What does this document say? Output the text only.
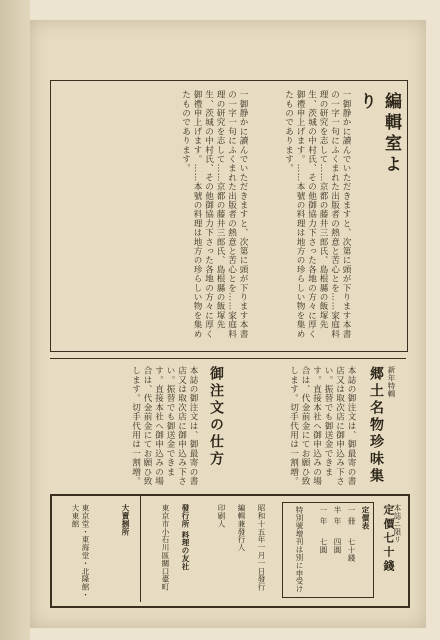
編輯室より
一御静かに讀んでいただきますと、次第に頭が下ります本書の一字一句にふくまれた出版者の熱意と苦心とを……家庭料理の研究を志して……京都の藤井三郎氏、島根縣の飯塚先生、茨城の中村氏、その他御協力下さった各地の方々に厚く御禮申上げます。……本號の料理は地方の珍らしい物を集めたものであります。
一御静かに讀んでいただきますと、次第に頭が下ります本書の一字一句にふくまれた出版者の熱意と苦心とを……家庭料理の研究を志して……京都の藤井三郎氏、島根縣の飯塚先生、茨城の中村氏、その他御協力下さった各地の方々に厚く御禮申上げます。……本號の料理は地方の珍らしい物を集めたものであります。
新年特輯
郷土名物珍味集
御注文の仕方	本誌の御注文は、御最寄の書店又は取次店に御申込み下さい。振替でも御送金できます。直接本社へ御申込みの場合は、代金前金にてお願ひ致します。切手代用は一割増。
本誌の御注文は、御最寄の書店又は取次店に御申込み下さい。振替でも御送金できます。直接本社へ御申込みの場合は、代金前金にてお願ひ致します。切手代用は一割増。
定價七十錢
本誌ニ限リ
定價表
一 冊
七十錢
半 年
四圓
一 年
七圓
特別號增刊は別に申受け
昭和十五年一月一日發行
編輯兼發行人
印刷人
發行所 料理の友社
東京市小石川區關口臺町
大賣捌所
東京堂・東海堂・北隆館・大東館
